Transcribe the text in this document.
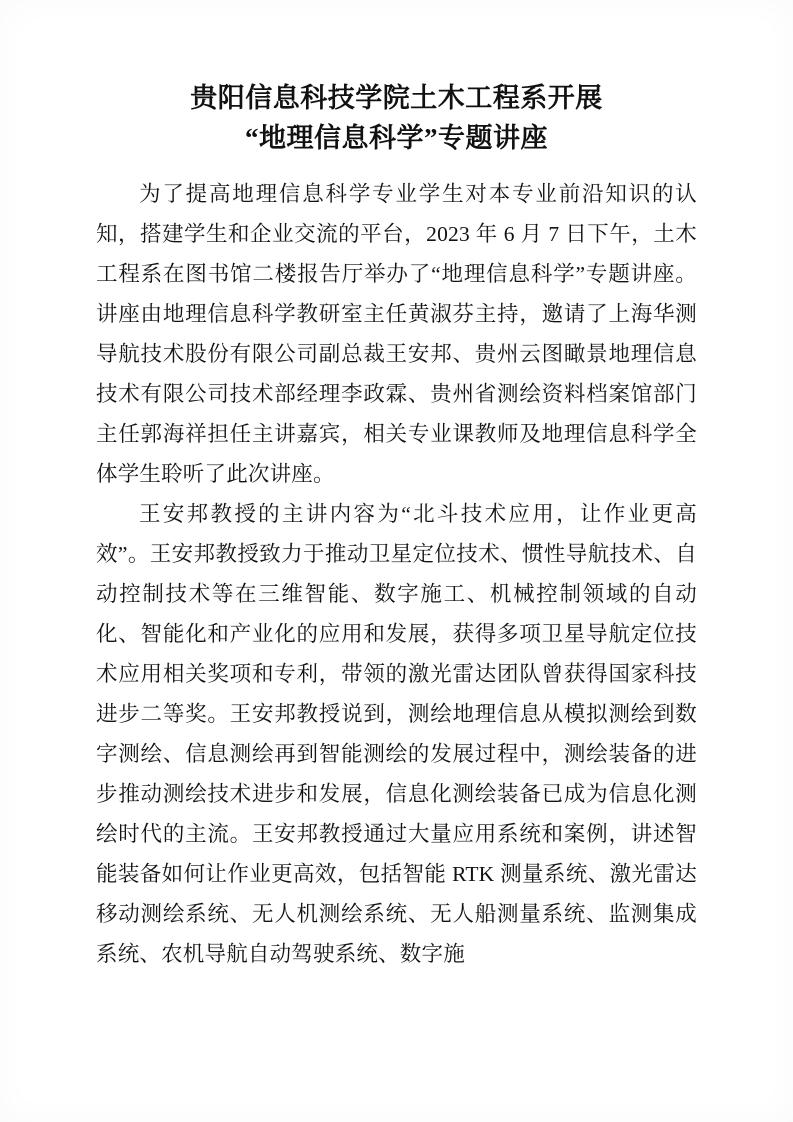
贵阳信息科技学院土木工程系开展
“地理信息科学”专题讲座

为了提高地理信息科学专业学生对本专业前沿知识的认知，搭建学生和企业交流的平台，2023 年 6 月 7 日下午，土木工程系在图书馆二楼报告厅举办了“地理信息科学”专题讲座。讲座由地理信息科学教研室主任黄淑芬主持，邀请了上海华测导航技术股份有限公司副总裁王安邦、贵州云图瞰景地理信息技术有限公司技术部经理李政霖、贵州省测绘资料档案馆部门主任郭海祥担任主讲嘉宾，相关专业课教师及地理信息科学全体学生聆听了此次讲座。

王安邦教授的主讲内容为“北斗技术应用，让作业更高效”。王安邦教授致力于推动卫星定位技术、惯性导航技术、自动控制技术等在三维智能、数字施工、机械控制领域的自动化、智能化和产业化的应用和发展，获得多项卫星导航定位技术应用相关奖项和专利，带领的激光雷达团队曾获得国家科技进步二等奖。王安邦教授说到，测绘地理信息从模拟测绘到数字测绘、信息测绘再到智能测绘的发展过程中，测绘装备的进步推动测绘技术进步和发展，信息化测绘装备已成为信息化测绘时代的主流。王安邦教授通过大量应用系统和案例，讲述智能装备如何让作业更高效，包括智能 RTK 测量系统、激光雷达移动测绘系统、无人机测绘系统、无人船测量系统、监测集成系统、农机导航自动驾驶系统、数字施
